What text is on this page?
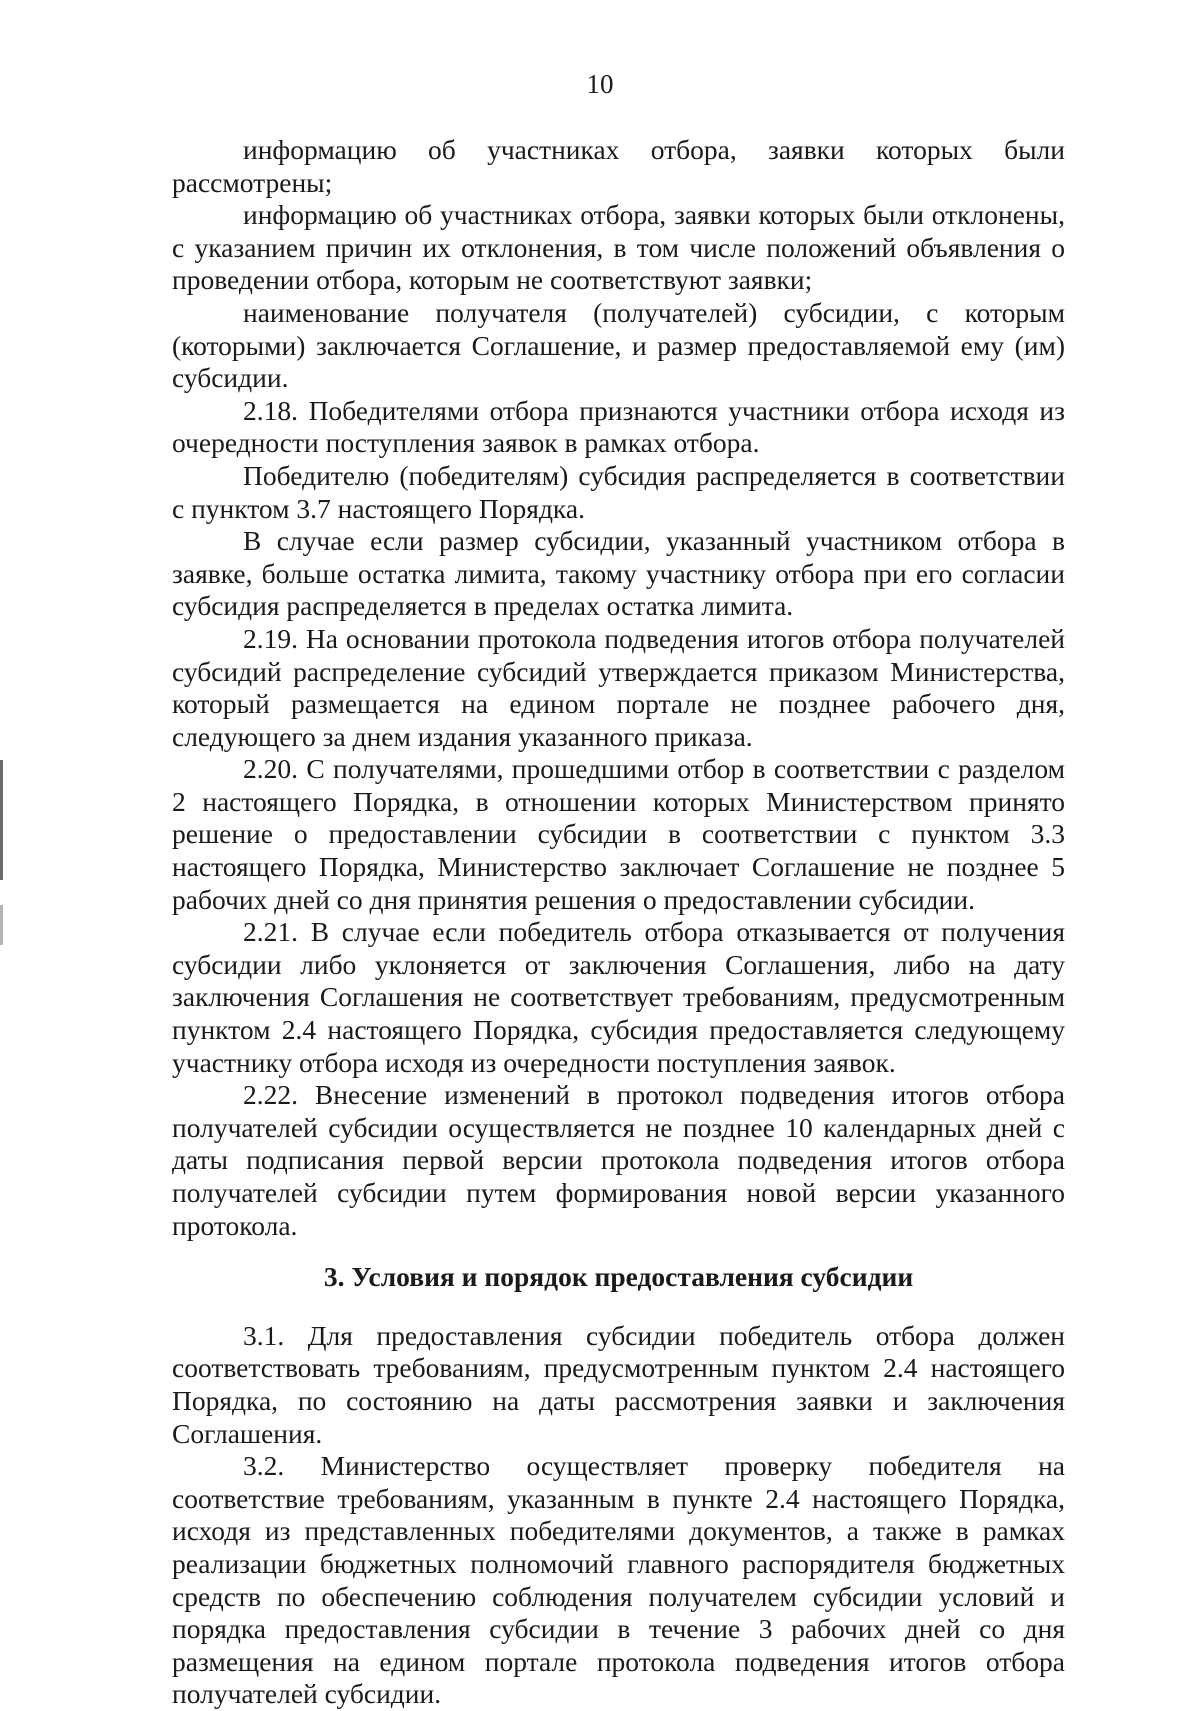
10

информацию об участниках отбора, заявки которых были рассмотрены;

информацию об участниках отбора, заявки которых были отклонены, с указанием причин их отклонения, в том числе положений объявления о проведении отбора, которым не соответствуют заявки;

наименование получателя (получателей) субсидии, с которым (которыми) заключается Соглашение, и размер предоставляемой ему (им) субсидии.

2.18. Победителями отбора признаются участники отбора исходя из очередности поступления заявок в рамках отбора.

Победителю (победителям) субсидия распределяется в соответствии с пунктом 3.7 настоящего Порядка.

В случае если размер субсидии, указанный участником отбора в заявке, больше остатка лимита, такому участнику отбора при его согласии субсидия распределяется в пределах остатка лимита.

2.19. На основании протокола подведения итогов отбора получателей субсидий распределение субсидий утверждается приказом Министерства, который размещается на едином портале не позднее рабочего дня, следующего за днем издания указанного приказа.

2.20. С получателями, прошедшими отбор в соответствии с разделом 2 настоящего Порядка, в отношении которых Министерством принято решение о предоставлении субсидии в соответствии с пунктом 3.3 настоящего Порядка, Министерство заключает Соглашение не позднее 5 рабочих дней со дня принятия решения о предоставлении субсидии.

2.21. В случае если победитель отбора отказывается от получения субсидии либо уклоняется от заключения Соглашения, либо на дату заключения Соглашения не соответствует требованиям, предусмотренным пунктом 2.4 настоящего Порядка, субсидия предоставляется следующему участнику отбора исходя из очередности поступления заявок.

2.22. Внесение изменений в протокол подведения итогов отбора получателей субсидии осуществляется не позднее 10 календарных дней с даты подписания первой версии протокола подведения итогов отбора получателей субсидии путем формирования новой версии указанного протокола.

3. Условия и порядок предоставления субсидии

3.1. Для предоставления субсидии победитель отбора должен соответствовать требованиям, предусмотренным пунктом 2.4 настоящего Порядка, по состоянию на даты рассмотрения заявки и заключения Соглашения.

3.2. Министерство осуществляет проверку победителя на соответствие требованиям, указанным в пункте 2.4 настоящего Порядка, исходя из представленных победителями документов, а также в рамках реализации бюджетных полномочий главного распорядителя бюджетных средств по обеспечению соблюдения получателем субсидии условий и порядка предоставления субсидии в течение 3 рабочих дней со дня размещения на едином портале протокола подведения итогов отбора получателей субсидии.
